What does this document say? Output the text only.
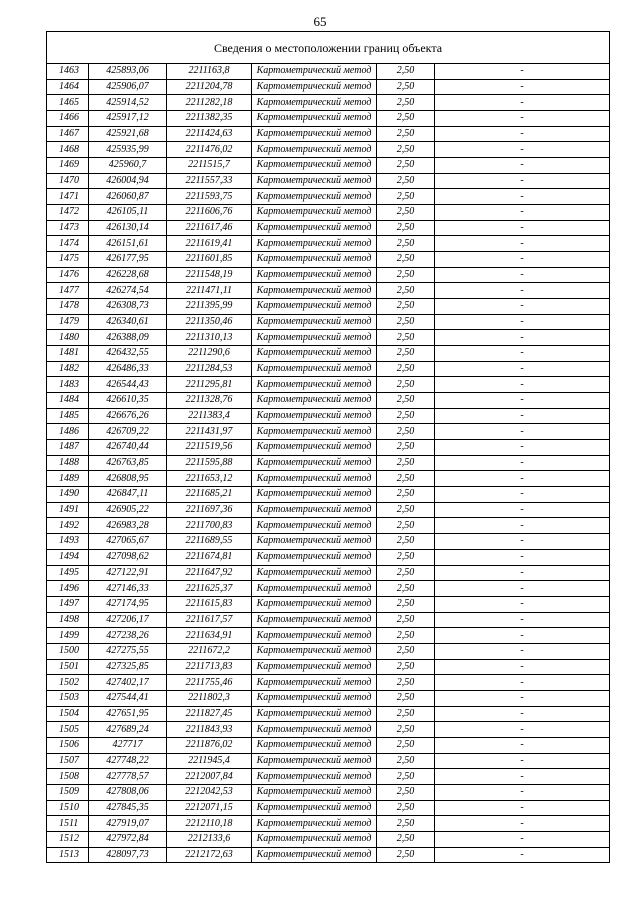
65
Сведения о местоположении границ объекта					
1463	425893,06	2211163,8	Картометрический метод	2,50	-
1464	425906,07	2211204,78	Картометрический метод	2,50	-
1465	425914,52	2211282,18	Картометрический метод	2,50	-
1466	425917,12	2211382,35	Картометрический метод	2,50	-
1467	425921,68	2211424,63	Картометрический метод	2,50	-
1468	425935,99	2211476,02	Картометрический метод	2,50	-
1469	425960,7	2211515,7	Картометрический метод	2,50	-
1470	426004,94	2211557,33	Картометрический метод	2,50	-
1471	426060,87	2211593,75	Картометрический метод	2,50	-
1472	426105,11	2211606,76	Картометрический метод	2,50	-
1473	426130,14	2211617,46	Картометрический метод	2,50	-
1474	426151,61	2211619,41	Картометрический метод	2,50	-
1475	426177,95	2211601,85	Картометрический метод	2,50	-
1476	426228,68	2211548,19	Картометрический метод	2,50	-
1477	426274,54	2211471,11	Картометрический метод	2,50	-
1478	426308,73	2211395,99	Картометрический метод	2,50	-
1479	426340,61	2211350,46	Картометрический метод	2,50	-
1480	426388,09	2211310,13	Картометрический метод	2,50	-
1481	426432,55	2211290,6	Картометрический метод	2,50	-
1482	426486,33	2211284,53	Картометрический метод	2,50	-
1483	426544,43	2211295,81	Картометрический метод	2,50	-
1484	426610,35	2211328,76	Картометрический метод	2,50	-
1485	426676,26	2211383,4	Картометрический метод	2,50	-
1486	426709,22	2211431,97	Картометрический метод	2,50	-
1487	426740,44	2211519,56	Картометрический метод	2,50	-
1488	426763,85	2211595,88	Картометрический метод	2,50	-
1489	426808,95	2211653,12	Картометрический метод	2,50	-
1490	426847,11	2211685,21	Картометрический метод	2,50	-
1491	426905,22	2211697,36	Картометрический метод	2,50	-
1492	426983,28	2211700,83	Картометрический метод	2,50	-
1493	427065,67	2211689,55	Картометрический метод	2,50	-
1494	427098,62	2211674,81	Картометрический метод	2,50	-
1495	427122,91	2211647,92	Картометрический метод	2,50	-
1496	427146,33	2211625,37	Картометрический метод	2,50	-
1497	427174,95	2211615,83	Картометрический метод	2,50	-
1498	427206,17	2211617,57	Картометрический метод	2,50	-
1499	427238,26	2211634,91	Картометрический метод	2,50	-
1500	427275,55	2211672,2	Картометрический метод	2,50	-
1501	427325,85	2211713,83	Картометрический метод	2,50	-
1502	427402,17	2211755,46	Картометрический метод	2,50	-
1503	427544,41	2211802,3	Картометрический метод	2,50	-
1504	427651,95	2211827,45	Картометрический метод	2,50	-
1505	427689,24	2211843,93	Картометрический метод	2,50	-
1506	427717	2211876,02	Картометрический метод	2,50	-
1507	427748,22	2211945,4	Картометрический метод	2,50	-
1508	427778,57	2212007,84	Картометрический метод	2,50	-
1509	427808,06	2212042,53	Картометрический метод	2,50	-
1510	427845,35	2212071,15	Картометрический метод	2,50	-
1511	427919,07	2212110,18	Картометрический метод	2,50	-
1512	427972,84	2212133,6	Картометрический метод	2,50	-
1513	428097,73	2212172,63	Картометрический метод	2,50	-
